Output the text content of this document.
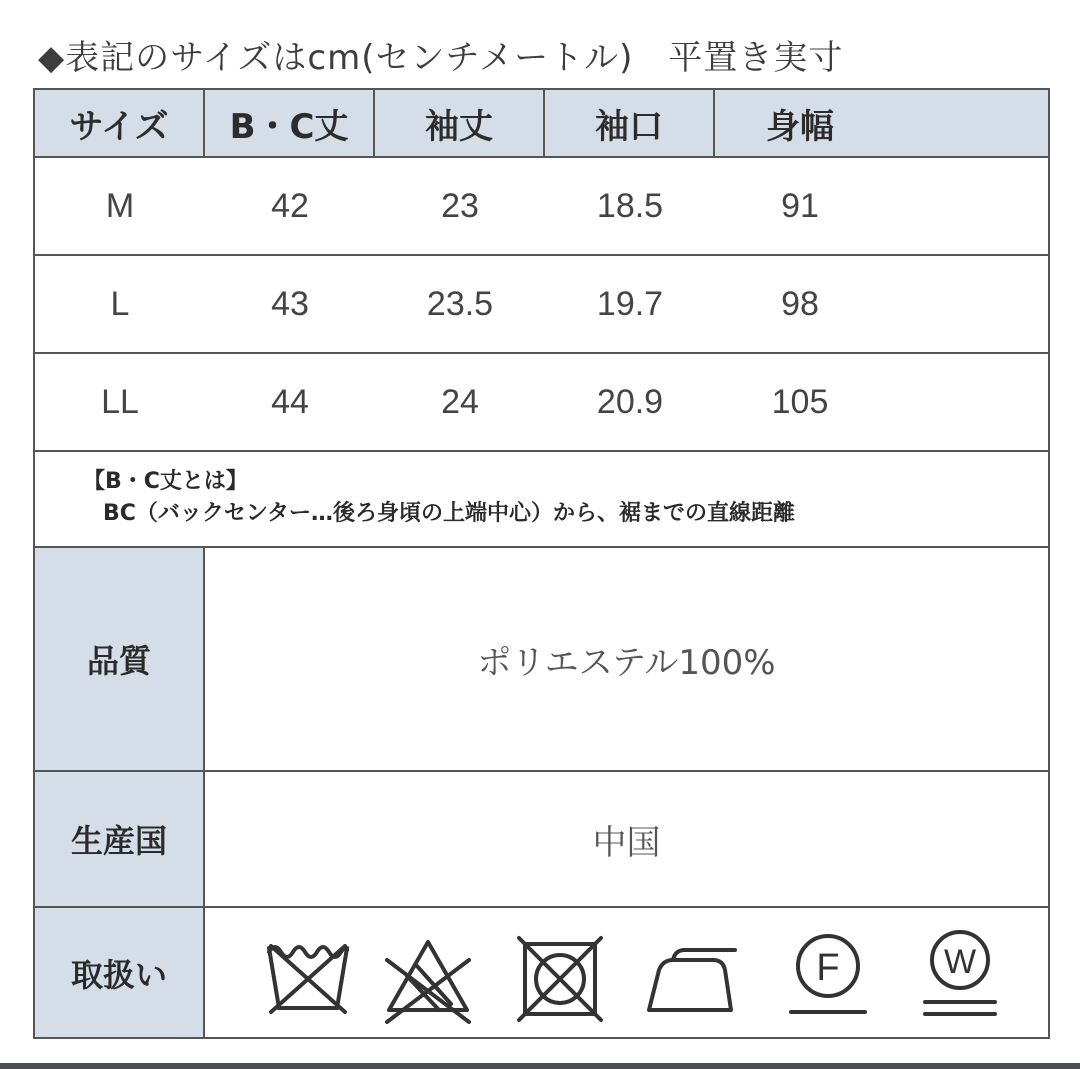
◆表記のサイズはcm(センチメートル)　平置き実寸
サイズ	B・C丈	袖丈	袖口	身幅
M	42	23	18.5	91
L	43	23.5	19.7	98
LL	44	24	20.9	105
【B・C丈とは】
BC（バックセンター…後ろ身頃の上端中心）から、裾までの直線距離
品質	ポリエステル100%
生産国	中国
取扱い	F	W
